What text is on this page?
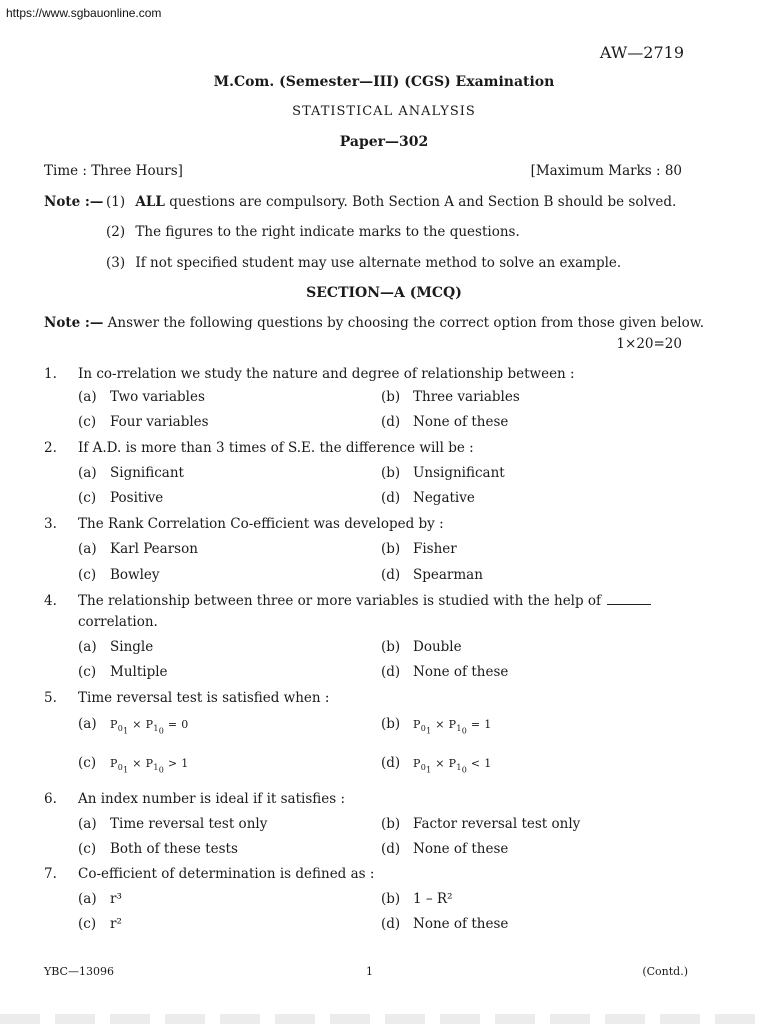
https://www.sgbauonline.com
AW—2719
M.Com. (Semester—III) (CGS) Examination
STATISTICAL ANALYSIS
Paper—302
Time : Three Hours]	[Maximum Marks : 80
Note :— (1) ALL questions are compulsory. Both Section A and Section B should be solved.
(2) The figures to the right indicate marks to the questions.
(3) If not specified student may use alternate method to solve an example.
SECTION—A (MCQ)
Note :— Answer the following questions by choosing the correct option from those given below.
1×20=20
1. In co-rrelation we study the nature and degree of relationship between :
(a) Two variables	(b) Three variables
(c) Four variables	(d) None of these
2. If A.D. is more than 3 times of S.E. the difference will be :
(a) Significant	(b) Unsignificant
(c) Positive	(d) Negative
3. The Rank Correlation Co-efficient was developed by :
(a) Karl Pearson	(b) Fisher
(c) Bowley	(d) Spearman
4. The relationship between three or more variables is studied with the help of
correlation.
(a) Single	(b) Double
(c) Multiple	(d) None of these
5. Time reversal test is satisfied when :
(a) $P_{0_1} \times P_{1_0} = 0$	(b) $P_{0_1} \times P_{1_0} = 1$
(c) $P_{0_1} \times P_{1_0} > 1$	(d) $P_{0_1} \times P_{1_0} < 1$
6. An index number is ideal if it satisfies :
(a) Time reversal test only	(b) Factor reversal test only
(c) Both of these tests	(d) None of these
7. Co-efficient of determination is defined as :
(a) r³	(b) 1 – R²
(c) r²	(d) None of these
YBC—13096	1	(Contd.)
